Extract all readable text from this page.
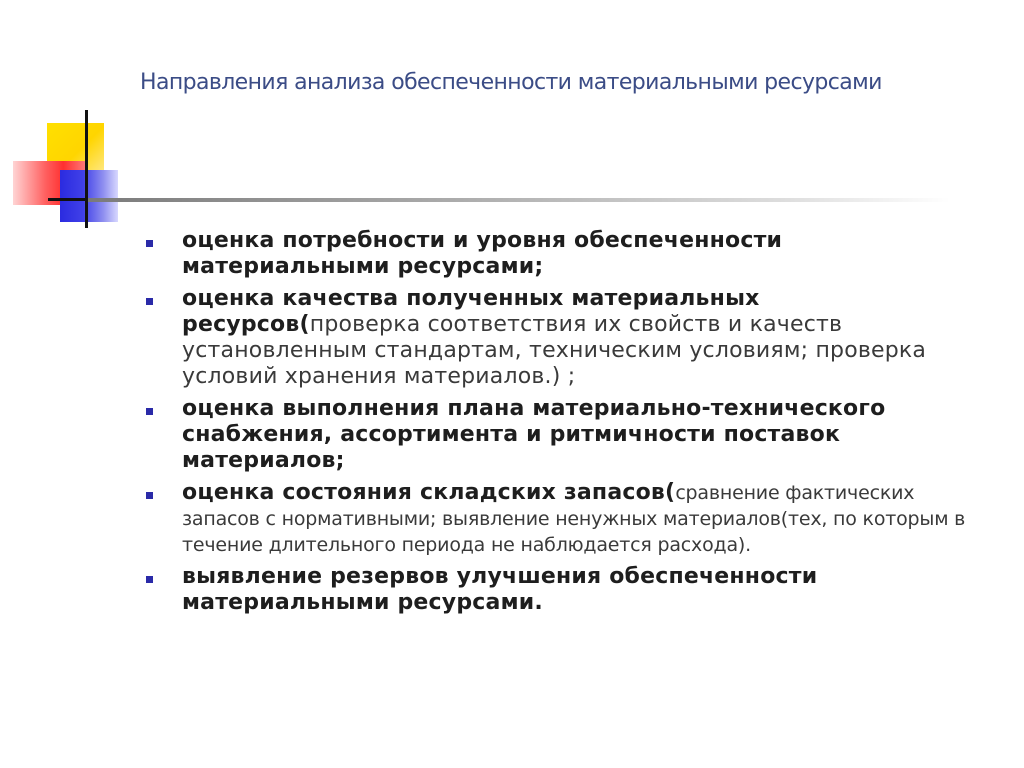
Направления анализа обеспеченности материальными ресурсами
оценка потребности и уровня обеспеченности материальными ресурсами;
оценка качества полученных материальных ресурсов(проверка соответствия их свойств и качеств установленным стандартам, техническим условиям; проверка условий хранения материалов.) ;
оценка выполнения плана материально-технического снабжения, ассортимента и ритмичности поставок материалов;
оценка состояния складских запасов(сравнение фактических запасов с нормативными; выявление ненужных материалов(тех, по которым в течение длительного периода не наблюдается расхода).
выявление резервов улучшения обеспеченности материальными ресурсами.
